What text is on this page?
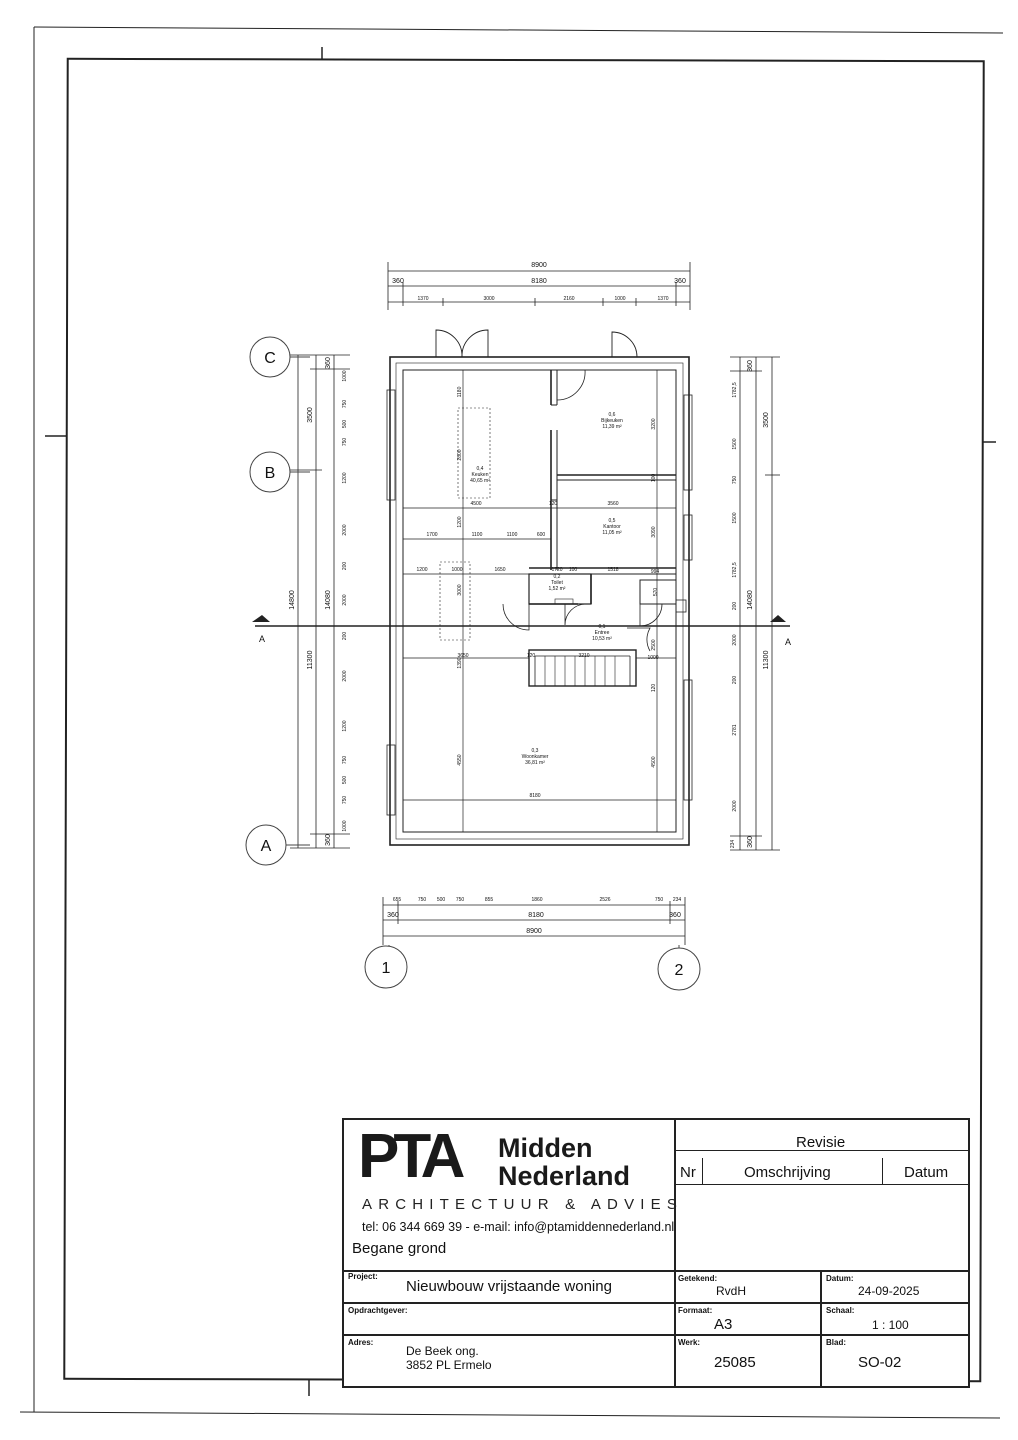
8900
360	8180	360
1370	3000	2160	1000	1370
655	750 500 750	855	1860	2526	750 234
360	8180	360
8900
14800
3500
11300
14080
360
360
1000
750
500
750
1200
2000
200
2000
200
2000
1200
750
500
750
1000
11300
3500
14080
360
360
234
1782,5
1500
750
1500
1782,5
200
2000
200
2781
2000
C
B
A
1	2
A	A
0,4
Keuken
40,65 m²
0,6
Bijkeuken
11,39 m²
0,5
Kantoor
11,05 m²
0,2
Toilet
1,52 m²
0,1
Entree
10,53 m²
0,3
Woonkamer
36,81 m²
4500	120	3560
1700	1100	1100	600
1200	1000	1650	1720 100	1518	994
3650	120	3210	1000
8180
1180
2800
1200
3000
1390
4550
3200
100
3090
2500
120
4500
570
PTA Midden
Nederland
ARCHITECTUUR & ADVIES
tel: 06 344 669 39 - e-mail: info@ptamiddennederland.nl
Begane grond
Revisie
Nr	Omschrijving	Datum
Project:
Nieuwbouw vrijstaande woning
Opdrachtgever:
Adres:
De Beek ong.
3852 PL Ermelo
Getekend:
RvdH
Datum:
24-09-2025
Formaat:
A3
Schaal:
1 : 100
Werk:
25085
Blad:
SO-02
